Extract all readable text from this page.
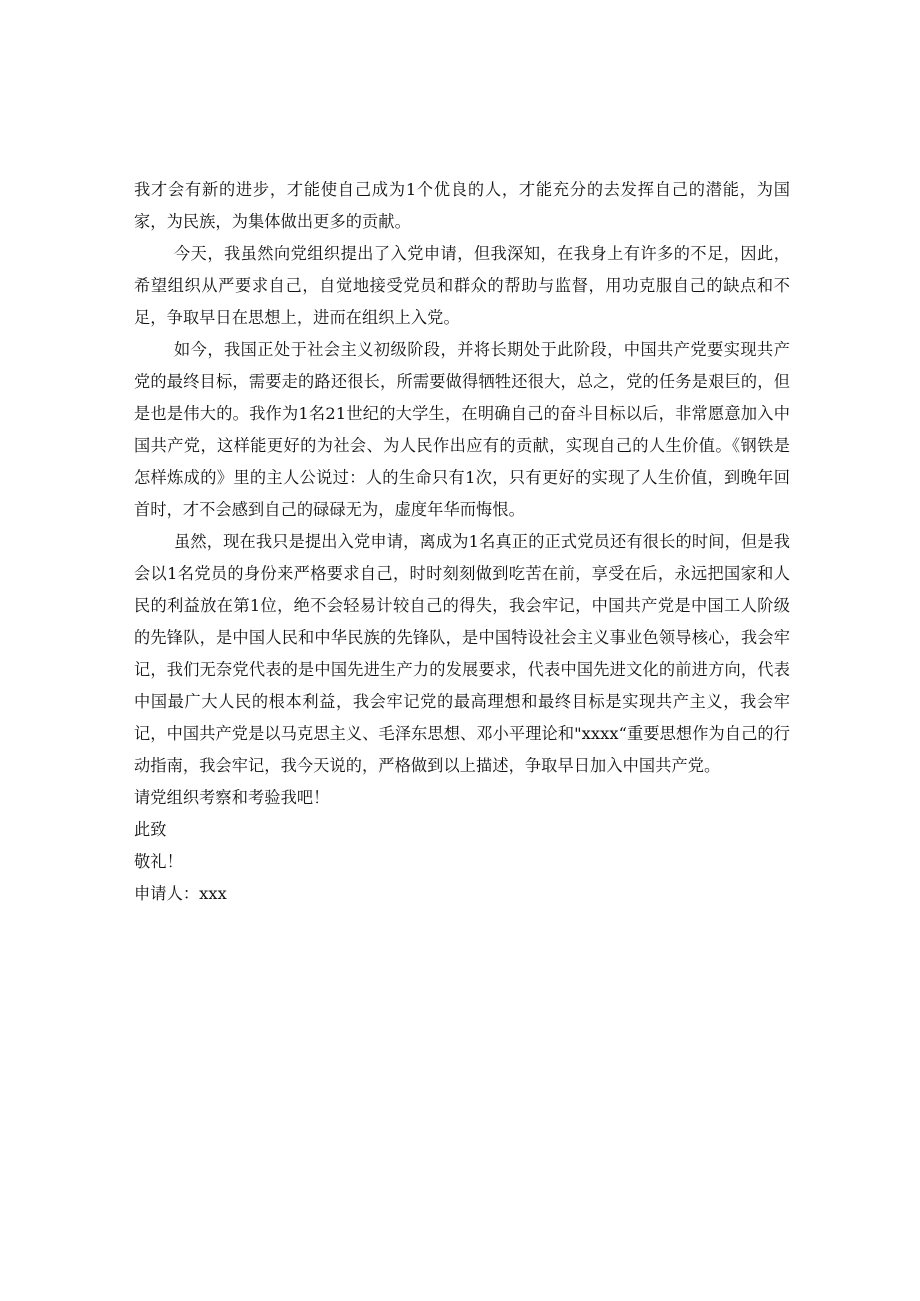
我才会有新的进步，才能使自己成为1个优良的人，才能充分的去发挥自己的潜能，为国家，为民族，为集体做出更多的贡献。

今天，我虽然向党组织提出了入党申请，但我深知，在我身上有许多的不足，因此，希望组织从严要求自己，自觉地接受党员和群众的帮助与监督，用功克服自己的缺点和不足，争取早日在思想上，进而在组织上入党。

如今，我国正处于社会主义初级阶段，并将长期处于此阶段，中国共产党要实现共产党的最终目标，需要走的路还很长，所需要做得牺牲还很大，总之，党的任务是艰巨的，但是也是伟大的。我作为1名21世纪的大学生，在明确自己的奋斗目标以后，非常愿意加入中国共产党，这样能更好的为社会、为人民作出应有的贡献，实现自己的人生价值。《钢铁是怎样炼成的》里的主人公说过：人的生命只有1次，只有更好的实现了人生价值，到晚年回首时，才不会感到自己的碌碌无为，虚度年华而悔恨。

虽然，现在我只是提出入党申请，离成为1名真正的正式党员还有很长的时间，但是我会以1名党员的身份来严格要求自己，时时刻刻做到吃苦在前，享受在后，永远把国家和人民的利益放在第1位，绝不会轻易计较自己的得失，我会牢记，中国共产党是中国工人阶级的先锋队，是中国人民和中华民族的先锋队，是中国特设社会主义事业色领导核心，我会牢记，我们无奈党代表的是中国先进生产力的发展要求，代表中国先进文化的前进方向，代表中国最广大人民的根本利益，我会牢记党的最高理想和最终目标是实现共产主义，我会牢记，中国共产党是以马克思主义、毛泽东思想、邓小平理论和"xxxx“重要思想作为自己的行动指南，我会牢记，我今天说的，严格做到以上描述，争取早日加入中国共产党。

请党组织考察和考验我吧！

此致

敬礼！

申请人：xxx
